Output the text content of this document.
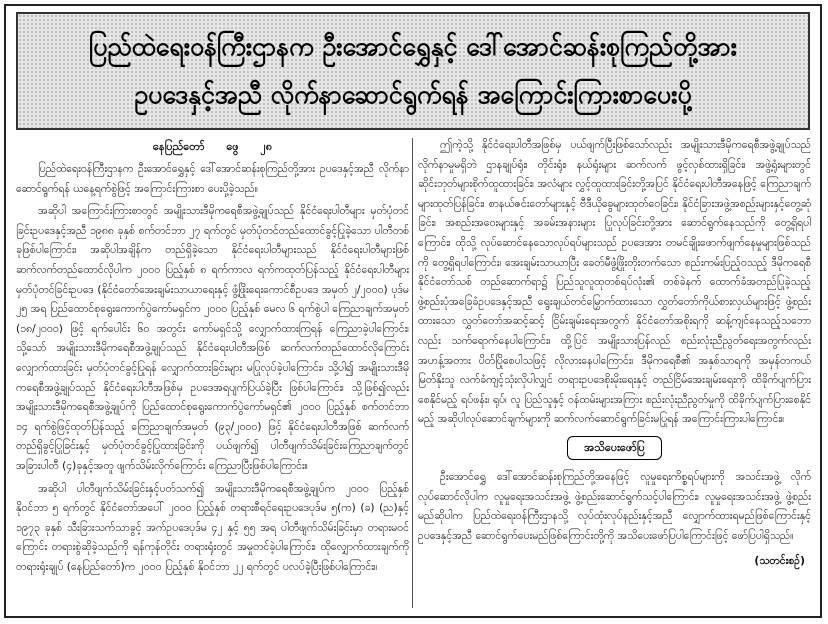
ပြည်ထဲရေးဝန်ကြီးဌာနက ဦးအောင်ရွှေနှင့် ဒေါ်အောင်ဆန်းစုကြည်တို့အား
ဥပဒေနှင့်အညီ လိုက်နာဆောင်ရွက်ရန် အကြောင်းကြားစာပေးပို့
နေပြည်တော် ဖွေ ၂၈

ပြည်ထဲရေးဝန်ကြီးဌာနက ဦးအောင်ရွှေနှင့် ဒေါ်အောင်ဆန်းစုကြည်တို့အား ဥပဒေနှင့်အညီ လိုက်နာဆောင်ရွက်ရန် ယနေ့ရက်စွဲဖြင့် အကြောင်းကြားစာ ပေးပို့ခဲ့သည်။

အဆိုပါ အကြောင်းကြားစာတွင် အမျိုးသားဒီမိုကရေစီအဖွဲ့ချုပ်သည် နိုင်ငံရေးပါတီများ မှတ်ပုံတင်ခြင်းဥပဒေနှင့်အညီ ၁၉၈၈ ခုနှစ် စက်တင်ဘာ ၂၇ ရက်တွင် မှတ်ပုံတင်တည်ထောင်ခွင့်ပြုခဲ့သော ပါတီတစ်ခုဖြစ်ပါကြောင်း၊ အဆိုပါအချိန်က တည်ရှိခဲ့သော နိုင်ငံရေးပါတီများသည် နိုင်ငံရေးပါတီများဖြစ် ဆက်လက်တည်ထောင်လိုပါက ၂၀၀၀ ပြည့်နှစ် ၈ ရက်ကာလ ရက်ကထုတ်ပြန်သည့် နိုင်ငံရေးပါတီများ မှတ်ပုံတင်ခြင်းဥပဒေ (နိုင်ငံတော်အေးချမ်းသာယာရေးနှင့် ဖွံ့ဖြိုးရေးကောင်စီဥပဒေ အမှတ် ၂/၂၀၀၀) ပုဒ်မ ၂၅ အရ ပြည်ထောင်စုရွေးကောက်ပွဲကော်မရှင်က ၂၀၀၀ ပြည့်နှစ် မေလ ၆ ရက်စွဲပါ ကြေညာချက်အမှတ် (၁၈/၂၀၀၀) ဖြင့် ရက်ပေါင်း ၆၀ အတွင်း ကော်မရှင်သို့ လျှောက်ထားကြရန် ကြေညာခဲ့ပါကြောင်း၊ သို့သော် အမျိုးသားဒီမိုကရေစီအဖွဲ့ချုပ်သည် နိုင်ငံရေးပါတီအဖြစ် ဆက်လက်တည်ထောင်လိုကြောင်း လျှောက်ထားခြင်း မှတ်ပုံတင်ခွင့်ပြုရန် လျှောက်ထားခြင်းများ မပြုလုပ်ခဲ့ပါကြောင်း၊ သို့ပါ၍ အမျိုးသားဒီမိုကရေစီအဖွဲ့ချုပ်သည် နိုင်ငံရေးပါတီအဖြစ်မှ ဥပဒေအရပျက်ပြယ်ခဲ့ပြီး ဖြစ်ပါကြောင်း၊ သို့ဖြစ်၍လည်း အမျိုးသားဒီမိုကရေစီအဖွဲ့ချုပ်ကို ပြည်ထောင်စုရွေးကောက်ပွဲကော်မရှင်၏ ၂၀၀၀ ပြည့်နှစ် စက်တင်ဘာ ၁၄ ရက်စွဲဖြင့်ထုတ်ပြန်သည့် ကြေညာချက်အမှတ် (၉၃/၂၀၀၀) ဖြင့် နိုင်ငံရေးပါတီအဖြစ် ဆက်လက်တည်ရှိခွင့်ပြုခြင်းနှင့် မှတ်ပုံတင်ခွင့်ပြုထားခြင်းကို ပယ်ဖျက်၍ ပါတီဖျက်သိမ်းခြင်းကြေညာချက်တွင် အခြားပါတီ (၄)ခုနှင့်အတူ ဖျက်သိမ်းလိုက်ကြောင်း ကြေညာပြီးဖြစ်ပါကြောင်း။

အဆိုပါ ပါတီဖျက်သိမ်းခြင်းနှင့်ပတ်သက်၍ အမျိုးသားဒီမိုကရေစီအဖွဲ့ချုပ်က ၂၀၀၀ ပြည့်နှစ် နိုဝင်ဘာ ၅ ရက်တွင် နိုင်ငံတော်အပေါ် ၂၀၀၀ ပြည့်နှစ် တရားစီရင်ရေးဥပဒေပုဒ်မ ၅(က) (ခ) (ည)နှင့် ၁၉၇၃ ခုနှစ် သီးခြားသက်သာခွင့် အက်ဥပဒေပုဒ်မ ၄၂ နှင့် ၅၅ အရ ပါတီဖျက်သိမ်းခြင်းမှာ တရားမဝင်ကြောင်း တရားစွဲဆိုခဲ့သည်ကို ရန်ကုန်တိုင်း တရားရုံးတွင် အမှုတင်ခဲ့ပါကြောင်း၊ ထိုလျှောက်ထားချက်ကို တရားရုံးချုပ် (နေပြည်တော်)က ၂၀၀၀ ပြည့်နှစ် နိုဝင်ဘာ ၂၂ ရက်တွင် ပလပ်ခဲ့ပြီးဖြစ်ပါကြောင်း။

ဤကဲ့သို့ နိုင်ငံရေးပါတီအဖြစ်မှ ပယ်ဖျက်ပြီးဖြစ်သော်လည်း အမျိုးသားဒီမိုကရေစီအဖွဲ့ချုပ်သည် လိုက်နာမှုမရှိဘဲ ဌာနချုပ်ရုံး၊ တိုင်းရုံး၊ နယ်ရုံးများ ဆက်လက် ဖွင့်လှစ်ထားရှိခြင်း၊ အဖွဲ့ရုံးများတွင် ဆိုင်းဘုတ်များစိုက်ထူထားခြင်း၊ အလံများ လွှင့်ထူထားခြင်းတို့အပြင် နိုင်ငံရေးပါတီအနေဖြင့် ကြေညာချက်များထုတ်ပြန်ခြင်း၊ စာနယ်ဇင်းတော်များနှင့် ဗီဒီယိုခွေများထုတ်ဝေခြင်း၊ နိုင်ငံခြားအဖွဲ့အစည်းများနှင့်တွေ့ဆုံခြင်း၊ အစည်းအဝေးများနှင့် အခမ်းအနားများ ပြုလုပ်ခြင်းတို့အား ဆောင်ရွက်နေသည်ကို တွေ့ရှိရပါကြောင်း၊ ထိုသို့ လုပ်ဆောင်နေသောလုပ်ရပ်များသည် ဥပဒေအား တမင်ချိုးဖောက်ဖျက်နေမှုများဖြစ်သည်ကို တွေ့ရှိရပါကြောင်း၊ အေးချမ်းသာယာပြီး ခေတ်မီဖွံ့ဖြိုးတိုးတက်သော စည်းကမ်းပြည့်ဝသည့် ဒီမိုကရေစီနိုင်ငံတော်သစ် တည်ဆောက်ရာ၌ ပြည်သူလူထုတစ်ရပ်လုံး၏ တစ်ခဲနက် ထောက်ခံအတည်ပြုခဲ့သည့် ဖွဲ့စည်းပုံအခြေခံဥပဒေနှင့်အညီ ရွေးချယ်တင်မြှောက်ထားသော လွှတ်တော်ကိုယ်စားလှယ်များဖြင့် ဖွဲ့စည်းထားသော လွှတ်တော်အဆင့်ဆင့် ငြိမ်းချမ်းရေးအတွက် နိုင်ငံတော်အစိုးရကို ဆန့်ကျင်နေသည့်သဘောလည်း သက်ရောက်နေပါကြောင်း၊ ထို့ပြင် အမျိုးသားပြန်လည် စည်းလုံးညီညွတ်ရေးအတွက်လည်း အဟန့်အတား ပိတ်ပြိုစေပါသဖြင့် လိုလားနေပါကြောင်း၊ ဒီမိုကရေစီ၏ အနှစ်သာရကို အမှန်တကယ်မြတ်နိုးသူ လက်ခံကျင့်သုံးလိုပါလျှင် တရားဥပဒေစိုးမိုးရေးနှင့် တည်ငြိမ်အေးချမ်းရေးကို ထိခိုက်ပျက်ပြားစေနိုင်မည့် ရပ်ဖန်း၊ ရုပ်၊ လူ ပြည်သူနှင့် ဝန်ထမ်းများအကြား စည်းလုံးညီညွတ်မှုကို ထိခိုက်ပျက်ပြားစေနိုင်မည့် အဆိုပါလုပ်ဆောင်ချက်များကို ဆက်လက်ဆောင်ရွက်ခြင်းမပြုရန် အကြောင်းကြားပါကြောင်း။

အသိပေးဖော်ပြ

ဦးအောင်ရွှေ ဒေါ်အောင်ဆန်းစုကြည်တို့အနေဖြင့် လူမှုရေးကိစ္စရပ်များကို အသင်းအဖွဲ့ လိုက် လုပ်ဆောင်လိုပါက လူမှုရေးအသင်းအဖွဲ့ ဖွဲ့စည်းဆောင်ရွက်သင့်ပါကြောင်း၊ လူမှုရေးအသင်းအဖွဲ့ ဖွဲ့စည်းမည်ဆိုပါက ပြည်ထဲရေးဝန်ကြီးဌာနသို့ လုပ်ထုံးလုပ်နည်းနှင့်အညီ လျှောက်ထားရမည်ဖြစ်ကြောင်းနှင့် ဥပဒေနှင့်အညီ ဆောင်ရွက်ပေးမည်ဖြစ်ကြောင်းတို့ကို အသိပေးဖော်ပြပါကြောင်းဖြင့် ဖော်ပြပါရှိသည်။

(သတင်းစဉ်)
